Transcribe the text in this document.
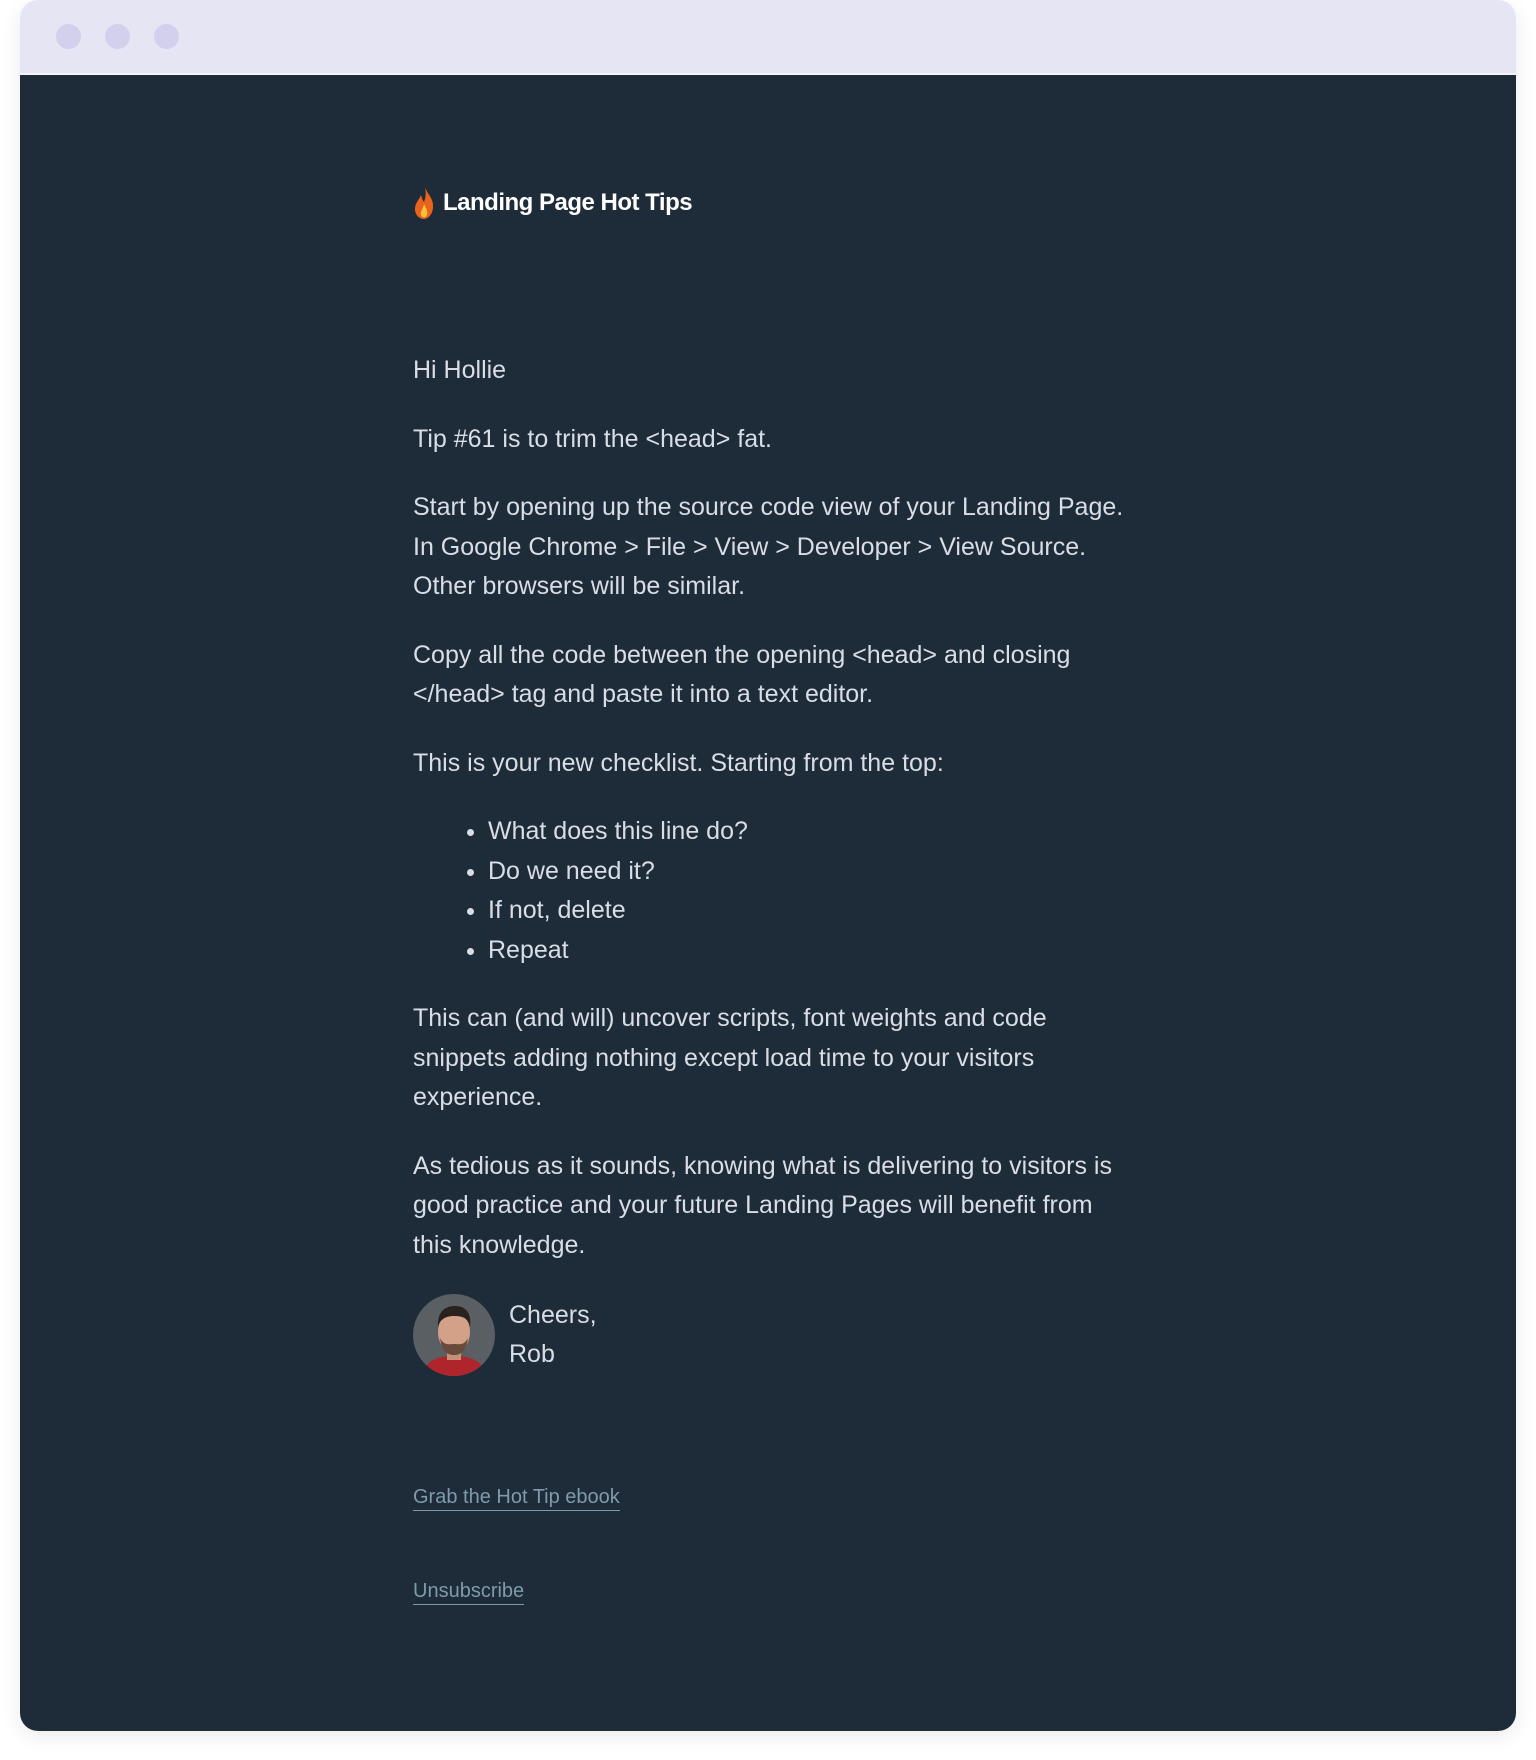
Landing Page Hot Tips

Hi Hollie

Tip #61 is to trim the <head> fat.

Start by opening up the source code view of your Landing Page. In Google Chrome > File > View > Developer > View Source. Other browsers will be similar.

Copy all the code between the opening <head> and closing </head> tag and paste it into a text editor.

This is your new checklist. Starting from the top:

• What does this line do?
• Do we need it?
• If not, delete
• Repeat

This can (and will) uncover scripts, font weights and code snippets adding nothing except load time to your visitors experience.

As tedious as it sounds, knowing what is delivering to visitors is good practice and your future Landing Pages will benefit from this knowledge.

Cheers,
Rob
Grab the Hot Tip ebook
Unsubscribe
